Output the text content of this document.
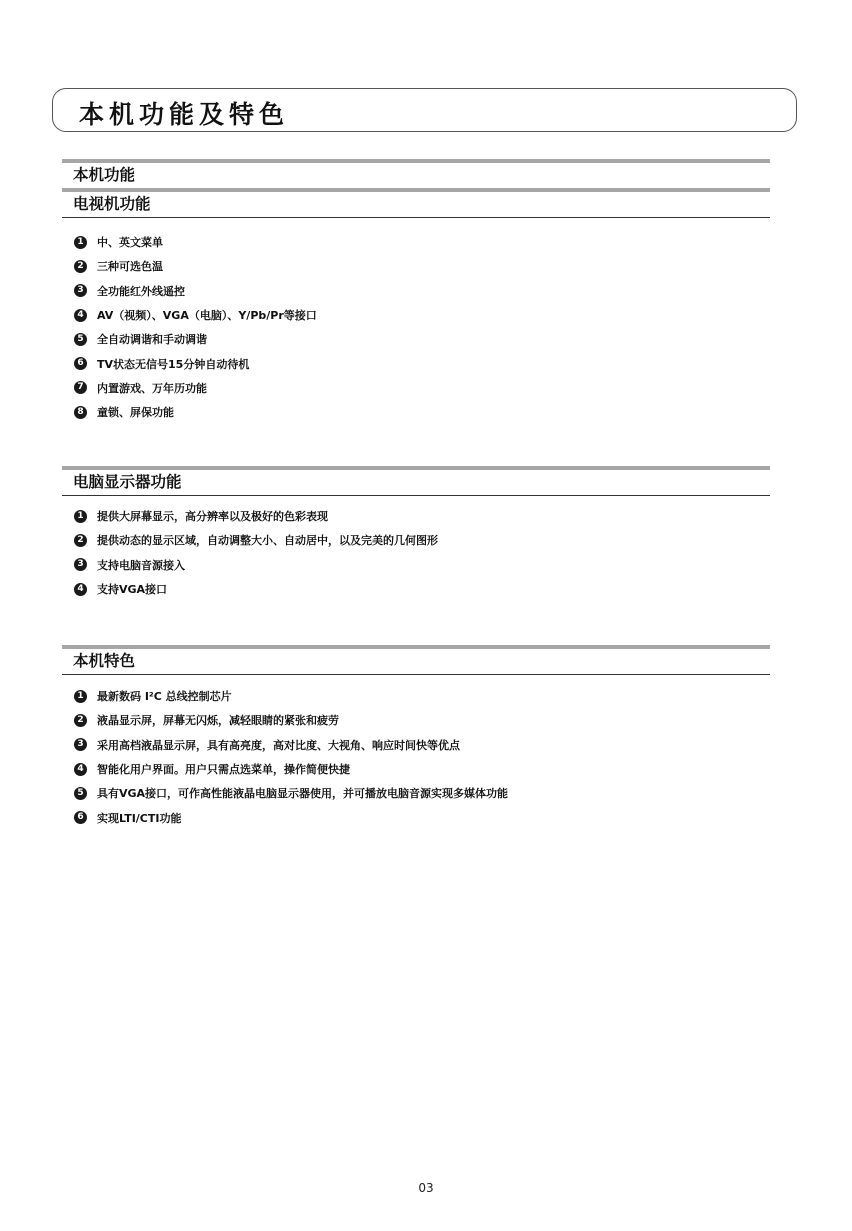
本机功能及特色
本机功能
电视机功能
1	中、英文菜单
2	三种可选色温
3	全功能红外线遥控
4	AV（视频）、VGA（电脑）、Y/Pb/Pr等接口
5	全自动调谐和手动调谐
6	TV状态无信号15分钟自动待机
7	内置游戏、万年历功能
8	童锁、屏保功能
电脑显示器功能
1	提供大屏幕显示，高分辨率以及极好的色彩表现
2	提供动态的显示区域，自动调整大小、自动居中，以及完美的几何图形
3	支持电脑音源接入
4	支持VGA接口
本机特色
1	最新数码 I²C 总线控制芯片
2	液晶显示屏，屏幕无闪烁，减轻眼睛的紧张和疲劳
3	采用高档液晶显示屏，具有高亮度，高对比度、大视角、响应时间快等优点
4	智能化用户界面。用户只需点选菜单，操作简便快捷
5	具有VGA接口，可作高性能液晶电脑显示器使用，并可播放电脑音源实现多媒体功能
6	实现LTI/CTI功能
03
